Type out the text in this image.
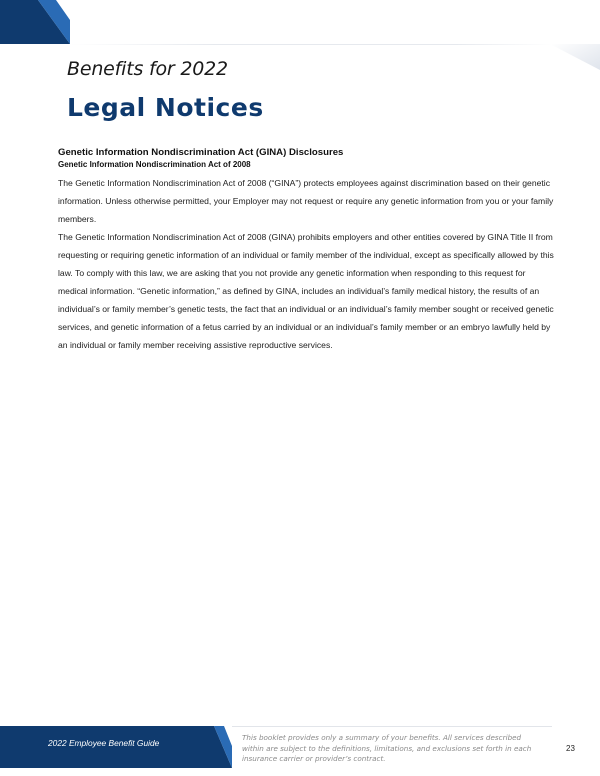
Benefits for 2022
Legal Notices

Genetic Information Nondiscrimination Act (GINA) Disclosures

Genetic Information Nondiscrimination Act of 2008

The Genetic Information Nondiscrimination Act of 2008 (“GINA”) protects employees against discrimination based on their genetic information. Unless otherwise permitted, your Employer may not request or require any genetic information from you or your family members.

The Genetic Information Nondiscrimination Act of 2008 (GINA) prohibits employers and other entities covered by GINA Title II from requesting or requiring genetic information of an individual or family member of the individual, except as specifically allowed by this law. To comply with this law, we are asking that you not provide any genetic information when responding to this request for medical information. “Genetic information,” as defined by GINA, includes an individual’s family medical history, the results of an individual’s or family member’s genetic tests, the fact that an individual or an individual’s family member sought or received genetic services, and genetic information of a fetus carried by an individual or an individual’s family member or an embryo lawfully held by an individual or family member receiving assistive reproductive services.

2022 Employee Benefit Guide
This booklet provides only a summary of your benefits. All services described within are subject to the definitions, limitations, and exclusions set forth in each insurance carrier or provider’s contract.
23
